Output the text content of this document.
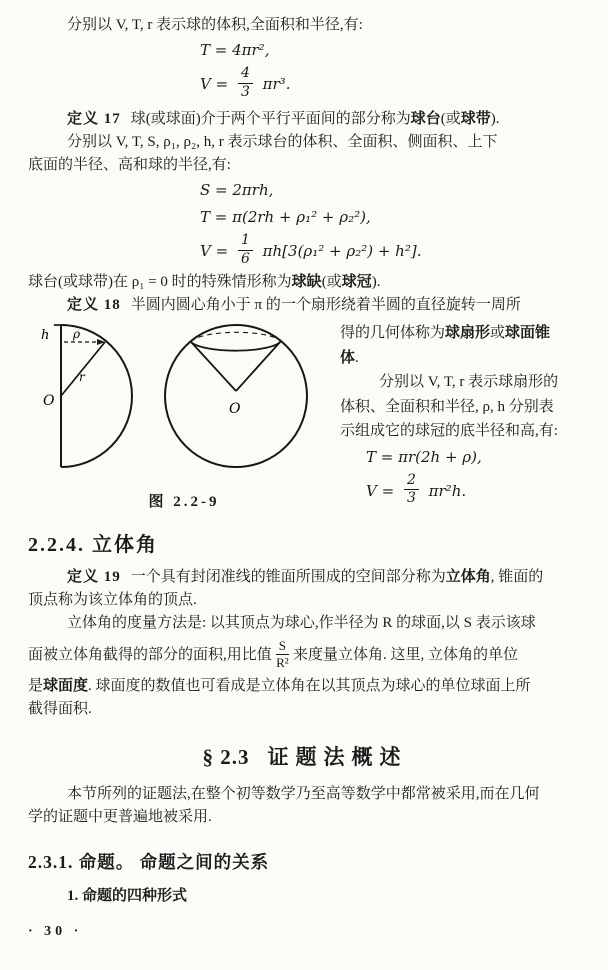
分别以 V, T, r 表示球的体积,全面积和半径,有:
T = 4πr²,
$V = \frac{4}{3} \pi r^3$.
定义 17 球(或球面)介于两个平行平面间的部分称为球台(或球带).
分别以 V, T, S, ρ₁, ρ₂, h, r 表示球台的体积、全面积、侧面积、上下
底面的半径、高和球的半径,有:
S = 2πrh,
T = π(2rh + ρ₁² + ρ₂²),
$V = \frac{1}{6} \pi h[3(\rho_1^2 + \rho_2^2) + h^2]$.
球台(或球带)在 ρ₁ = 0 时的特殊情形称为球缺(或球冠).
定义 18 半圆内圆心角小于 π 的一个扇形绕着半圆的直径旋转一周所
h ρ
r
O	O
图 2.2-9
得的几何体称为球扇形或球面锥
体.
分别以 V, T, r 表示球扇形的
体积、全面积和半径, ρ, h 分别表
示组成它的球冠的底半径和高,有:
T = πr(2h + ρ),
$V = \frac{2}{3} \pi r^2h$.
2.2.4. 立体角
定义 19 一个具有封闭准线的锥面所围成的空间部分称为立体角, 锥面的
顶点称为该立体角的顶点.
立体角的度量方法是: 以其顶点为球心,作半径为 R 的球面,以 S 表示该球
面被立体角截得的部分的面积,用比值 $\frac{S}{\text{R²}}$ 来度量立体角. 这里, 立体角的单位
是球面度. 球面度的数值也可看成是立体角在以其顶点为球心的单位球面上所
截得面积.
§ 2.3 证题法概述
本节所列的证题法,在整个初等数学乃至高等数学中都常被采用,而在几何
学的证题中更普遍地被采用.
2.3.1. 命题。 命题之间的关系
1. 命题的四种形式
· 30 ·
